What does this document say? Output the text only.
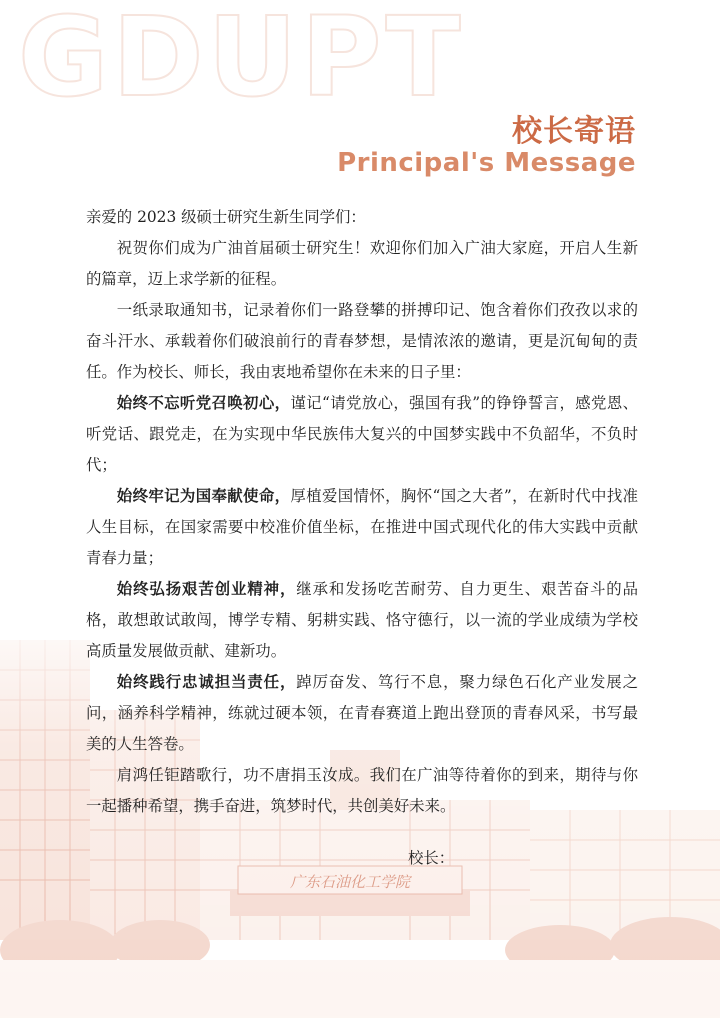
GDUPT
广东石油化工学院
校长寄语
Principal's Message

亲爱的 2023 级硕士研究生新生同学们：

祝贺你们成为广油首届硕士研究生！欢迎你们加入广油大家庭，开启人生新的篇章，迈上求学新的征程。

一纸录取通知书，记录着你们一路登攀的拼搏印记、饱含着你们孜孜以求的奋斗汗水、承载着你们破浪前行的青春梦想，是情浓浓的邀请，更是沉甸甸的责任。作为校长、师长，我由衷地希望你在未来的日子里：

始终不忘听党召唤初心，谨记“请党放心，强国有我”的铮铮誓言，感党恩、听党话、跟党走，在为实现中华民族伟大复兴的中国梦实践中不负韶华，不负时代；

始终牢记为国奉献使命，厚植爱国情怀，胸怀“国之大者”，在新时代中找准人生目标，在国家需要中校准价值坐标，在推进中国式现代化的伟大实践中贡献青春力量；

始终弘扬艰苦创业精神，继承和发扬吃苦耐劳、自力更生、艰苦奋斗的品格，敢想敢试敢闯，博学专精、躬耕实践、恪守德行，以一流的学业成绩为学校高质量发展做贡献、建新功。

始终践行忠诚担当责任，踔厉奋发、笃行不息，聚力绿色石化产业发展之问，涵养科学精神，练就过硬本领，在青春赛道上跑出登顶的青春风采，书写最美的人生答卷。

肩鸿任钜踏歌行，功不唐捐玉汝成。我们在广油等待着你的到来，期待与你一起播种希望，携手奋进，筑梦时代，共创美好未来。

校长：
